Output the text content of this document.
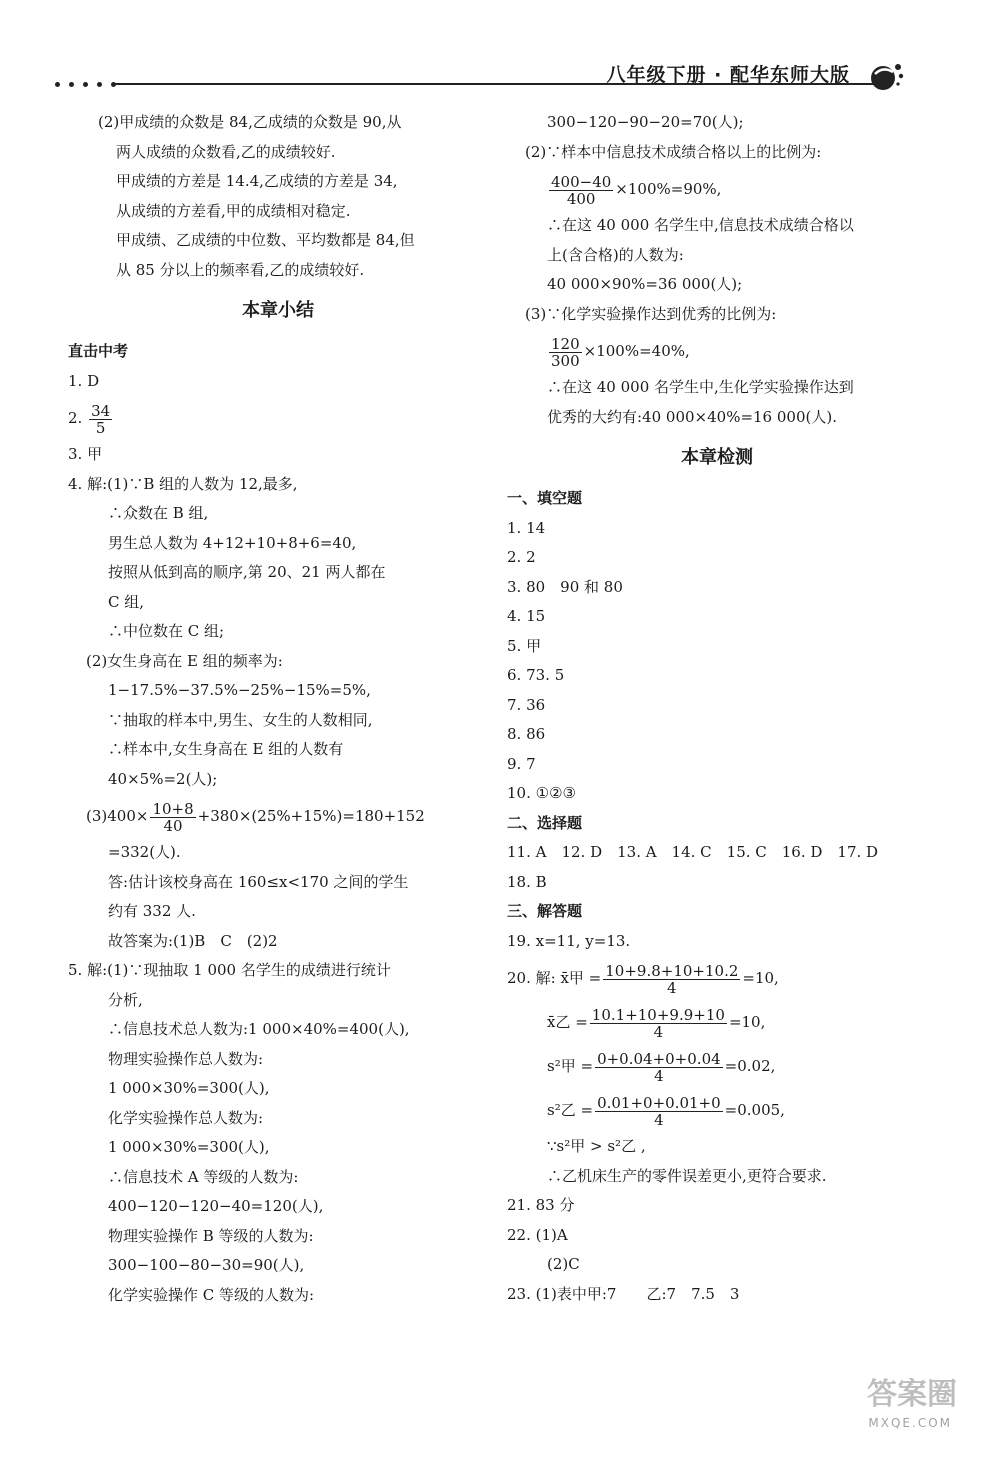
八年级下册 · 配华东师大版
(2)甲成绩的众数是 84,乙成绩的众数是 90,从
两人成绩的众数看,乙的成绩较好.
甲成绩的方差是 14.4,乙成绩的方差是 34,
从成绩的方差看,甲的成绩相对稳定.
甲成绩、乙成绩的中位数、平均数都是 84,但
从 85 分以上的频率看,乙的成绩较好.
本章小结
直击中考
1. D
2. $\frac{34}{5}$
3. 甲
4. 解:(1)∵B 组的人数为 12,最多,
∴众数在 B 组,
男生总人数为 4+12+10+8+6=40,
按照从低到高的顺序,第 20、21 两人都在
C 组,
∴中位数在 C 组;
(2)女生身高在 E 组的频率为:
1−17.5%−37.5%−25%−15%=5%,
∵抽取的样本中,男生、女生的人数相同,
∴样本中,女生身高在 E 组的人数有
40×5%=2(人);
$(3)400\times \frac{10+8}{40} +380\times(25\%+15\%)=180+152$
=332(人).
答:估计该校身高在 160≤x<170 之间的学生
约有 332 人.
故答案为:(1)B　C　(2)2
5. 解:(1)∵现抽取 1 000 名学生的成绩进行统计
分析,
∴信息技术总人数为:1 000×40%=400(人),
物理实验操作总人数为:
1 000×30%=300(人),
化学实验操作总人数为:
1 000×30%=300(人),
∴信息技术 A 等级的人数为:
400−120−120−40=120(人),
物理实验操作 B 等级的人数为:
300−100−80−30=90(人),
化学实验操作 C 等级的人数为:
300−120−90−20=70(人);
(2)∵样本中信息技术成绩合格以上的比例为:
$\frac{400-40}{400} \times 100\%=90\%$,
∴在这 40 000 名学生中,信息技术成绩合格以
上(含合格)的人数为:
40 000×90%=36 000(人);
(3)∵化学实验操作达到优秀的比例为:
$\frac{120}{300} \times 100\%=40\%$,
∴在这 40 000 名学生中,生化学实验操作达到
优秀的大约有:40 000×40%=16 000(人).
本章检测
一、填空题
1. 14
2. 2
3. 80　90 和 80
4. 15
5. 甲
6. 73. 5
7. 36
8. 86
9. 7
10. ①②③
二、选择题
11. A　12. D　13. A　14. C　15. C　16. D　17. D
18. B
三、解答题
19. x=11, y=13.
20. 解: x̄甲 = $\frac{10+9.8+10+10.2}{4} =10$,
x̄乙 = $\frac{10.1+10+9.9+10}{4} =10$,
s²甲 = $\frac{0+0.04+0+0.04}{4} =0.02$,
s²乙 = $\frac{0.01+0+0.01+0}{4} =0.005$,
∵s²甲 > s²乙 ,
∴乙机床生产的零件误差更小,更符合要求.
21. 83 分
22. (1)A
(2)C
23. (1)表中甲:7　　乙:7　7.5　3
答案圈
MXQE.COM
